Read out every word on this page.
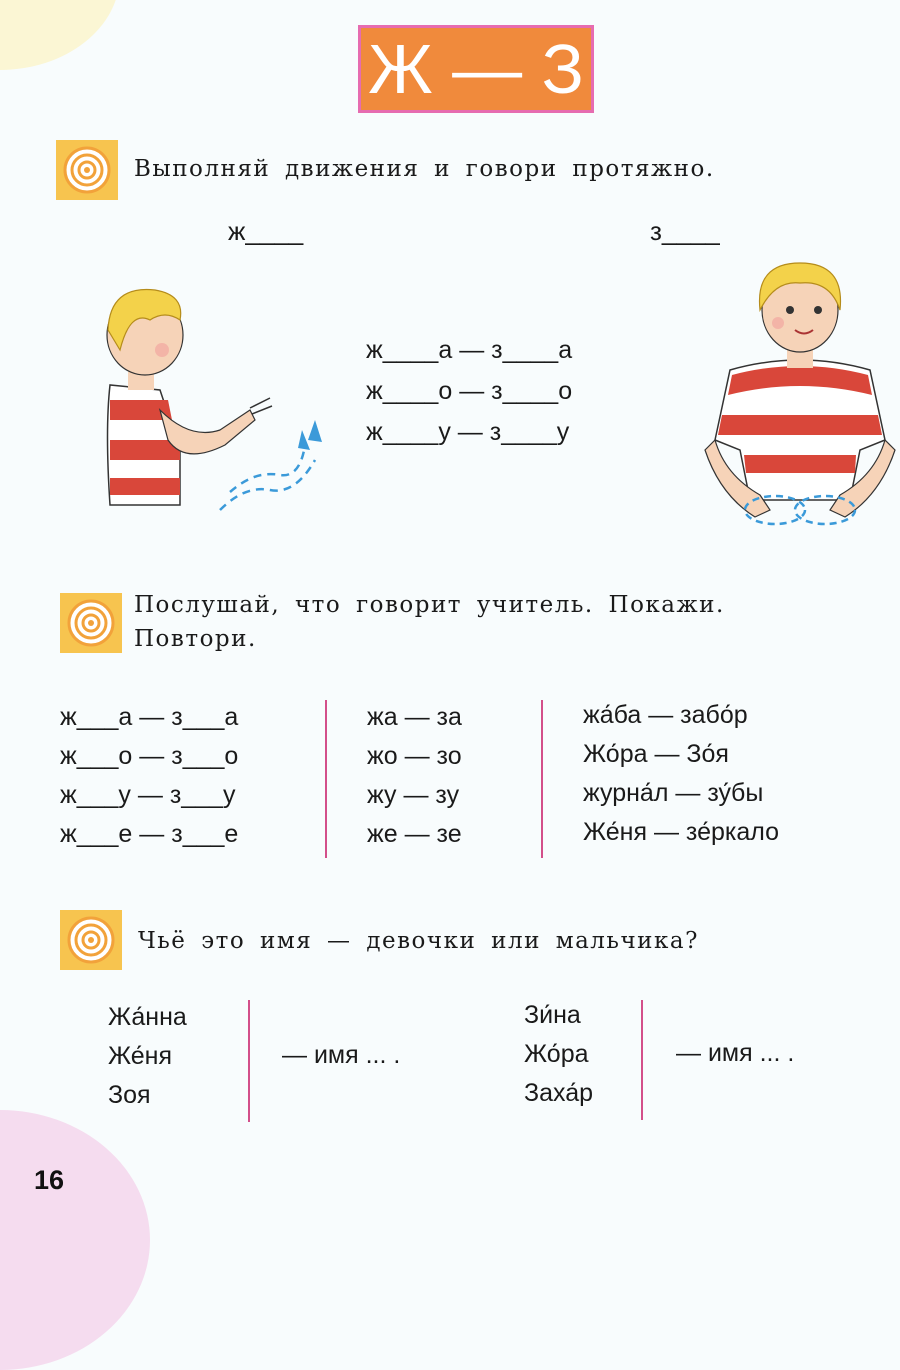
Ж — З
Выполняй движения и говори протяжно.
ж____	з____
ж____а — з____а
ж____о — з____о
ж____у — з____у
Послушай, что говорит учитель. Покажи.
Повтори.
ж___а — з___а
ж___о — з___о
ж___у — з___у
ж___е — з___е
жа — за
жо — зо
жу — зу
же — зе
жа́ба — забо́р
Жо́ра — Зо́я
журна́л — зу́бы
Же́ня — зе́ркало
Чьё это имя — девочки или мальчика?
Жа́нна
Же́ня
Зоя
— имя ... .
Зи́на
Жо́ра
Заха́р
— имя ... .
16
